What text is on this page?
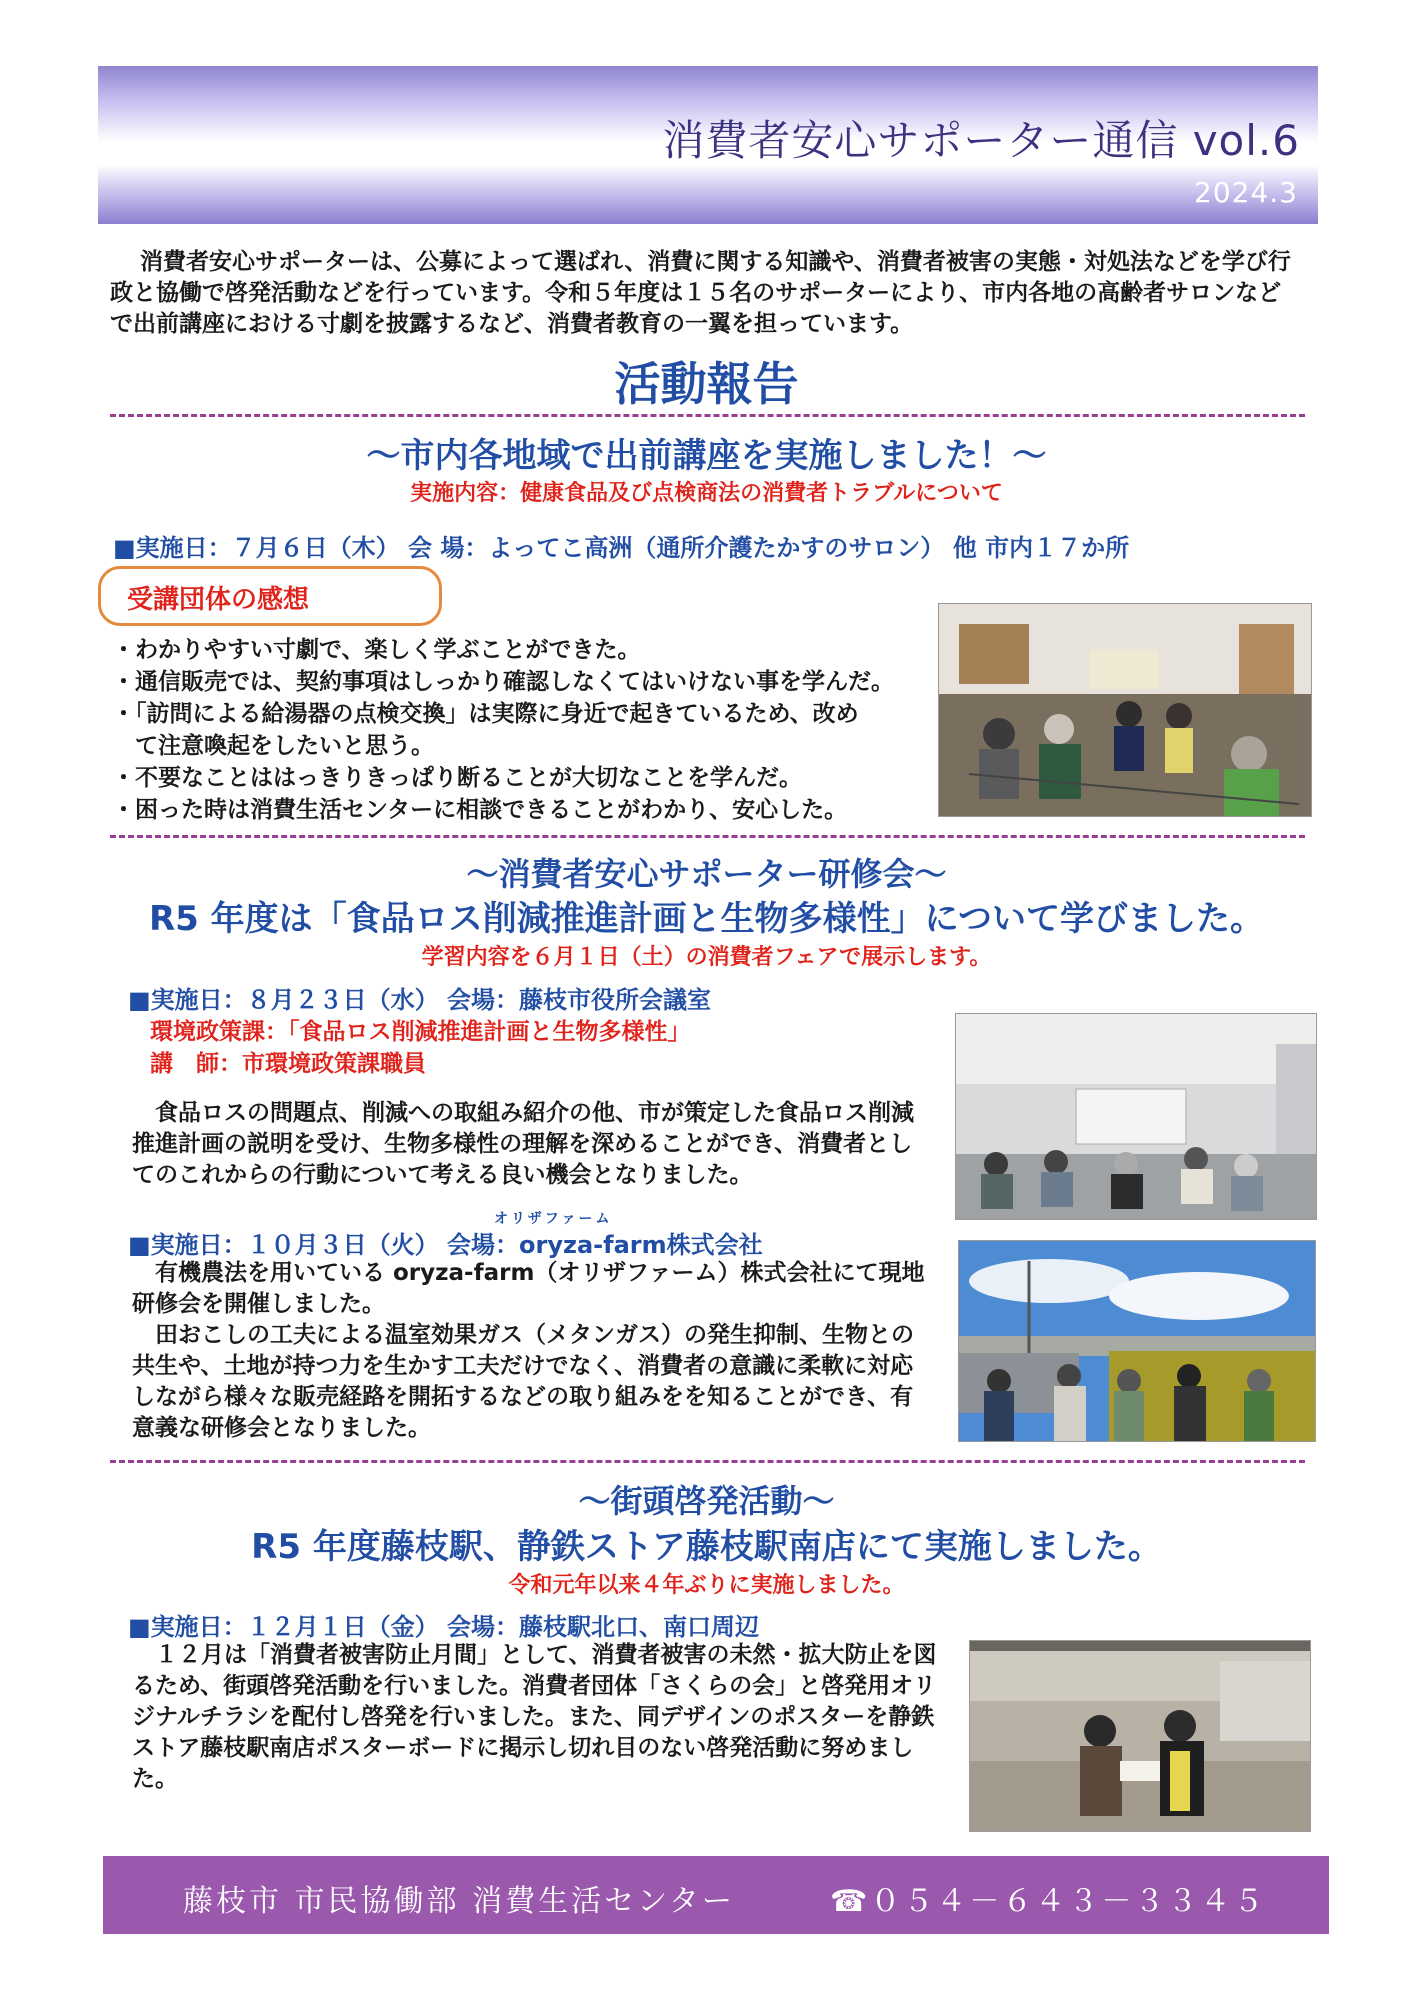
消費者安心サポーター通信 vol.6
2024.3
消費者安心サポーターは、公募によって選ばれ、消費に関する知識や、消費者被害の実態・対処法などを学び行政と協働で啓発活動などを行っています。令和５年度は１５名のサポーターにより、市内各地の高齢者サロンなどで出前講座における寸劇を披露するなど、消費者教育の一翼を担っています。
活動報告
～市内各地域で出前講座を実施しました！～
実施内容：健康食品及び点検商法の消費者トラブルについて
■実施日：７月６日（木） 会 場：よってこ高洲（通所介護たかすのサロン） 他 市内１７か所
受講団体の感想
・わかりやすい寸劇で、楽しく学ぶことができた。
・通信販売では、契約事項はしっかり確認しなくてはいけない事を学んだ。
・「訪問による給湯器の点検交換」は実際に身近で起きているため、改め
　て注意喚起をしたいと思う。
・不要なことははっきりきっぱり断ることが大切なことを学んだ。
・困った時は消費生活センターに相談できることがわかり、安心した。
～消費者安心サポーター研修会～
R5 年度は「食品ロス削減推進計画と生物多様性」について学びました。
学習内容を６月１日（土）の消費者フェアで展示します。
■実施日：８月２３日（水） 会場：藤枝市役所会議室
環境政策課：「食品ロス削減推進計画と生物多様性」
講　師：市環境政策課職員
　食品ロスの問題点、削減への取組み紹介の他、市が策定した食品ロス削減推進計画の説明を受け、生物多様性の理解を深めることができ、消費者としてのこれからの行動について考える良い機会となりました。
オリザファーム
■実施日：１０月３日（火） 会場：oryza-farm株式会社
　有機農法を用いている oryza-farm（オリザファーム）株式会社にて現地研修会を開催しました。
　田おこしの工夫による温室効果ガス（メタンガス）の発生抑制、生物との共生や、土地が持つ力を生かす工夫だけでなく、消費者の意識に柔軟に対応しながら様々な販売経路を開拓するなどの取り組みをを知ることができ、有意義な研修会となりました。
～街頭啓発活動～
R5 年度藤枝駅、静鉄ストア藤枝駅南店にて実施しました。
令和元年以来４年ぶりに実施しました。
■実施日：１２月１日（金） 会場：藤枝駅北口、南口周辺
　１２月は「消費者被害防止月間」として、消費者被害の未然・拡大防止を図るため、街頭啓発活動を行いました。消費者団体「さくらの会」と啓発用オリジナルチラシを配付し啓発を行いました。また、同デザインのポスターを静鉄ストア藤枝駅南店ポスターボードに掲示し切れ目のない啓発活動に努めました。
藤枝市 市民協働部 消費生活センター	☎０５４－６４３－３３４５
